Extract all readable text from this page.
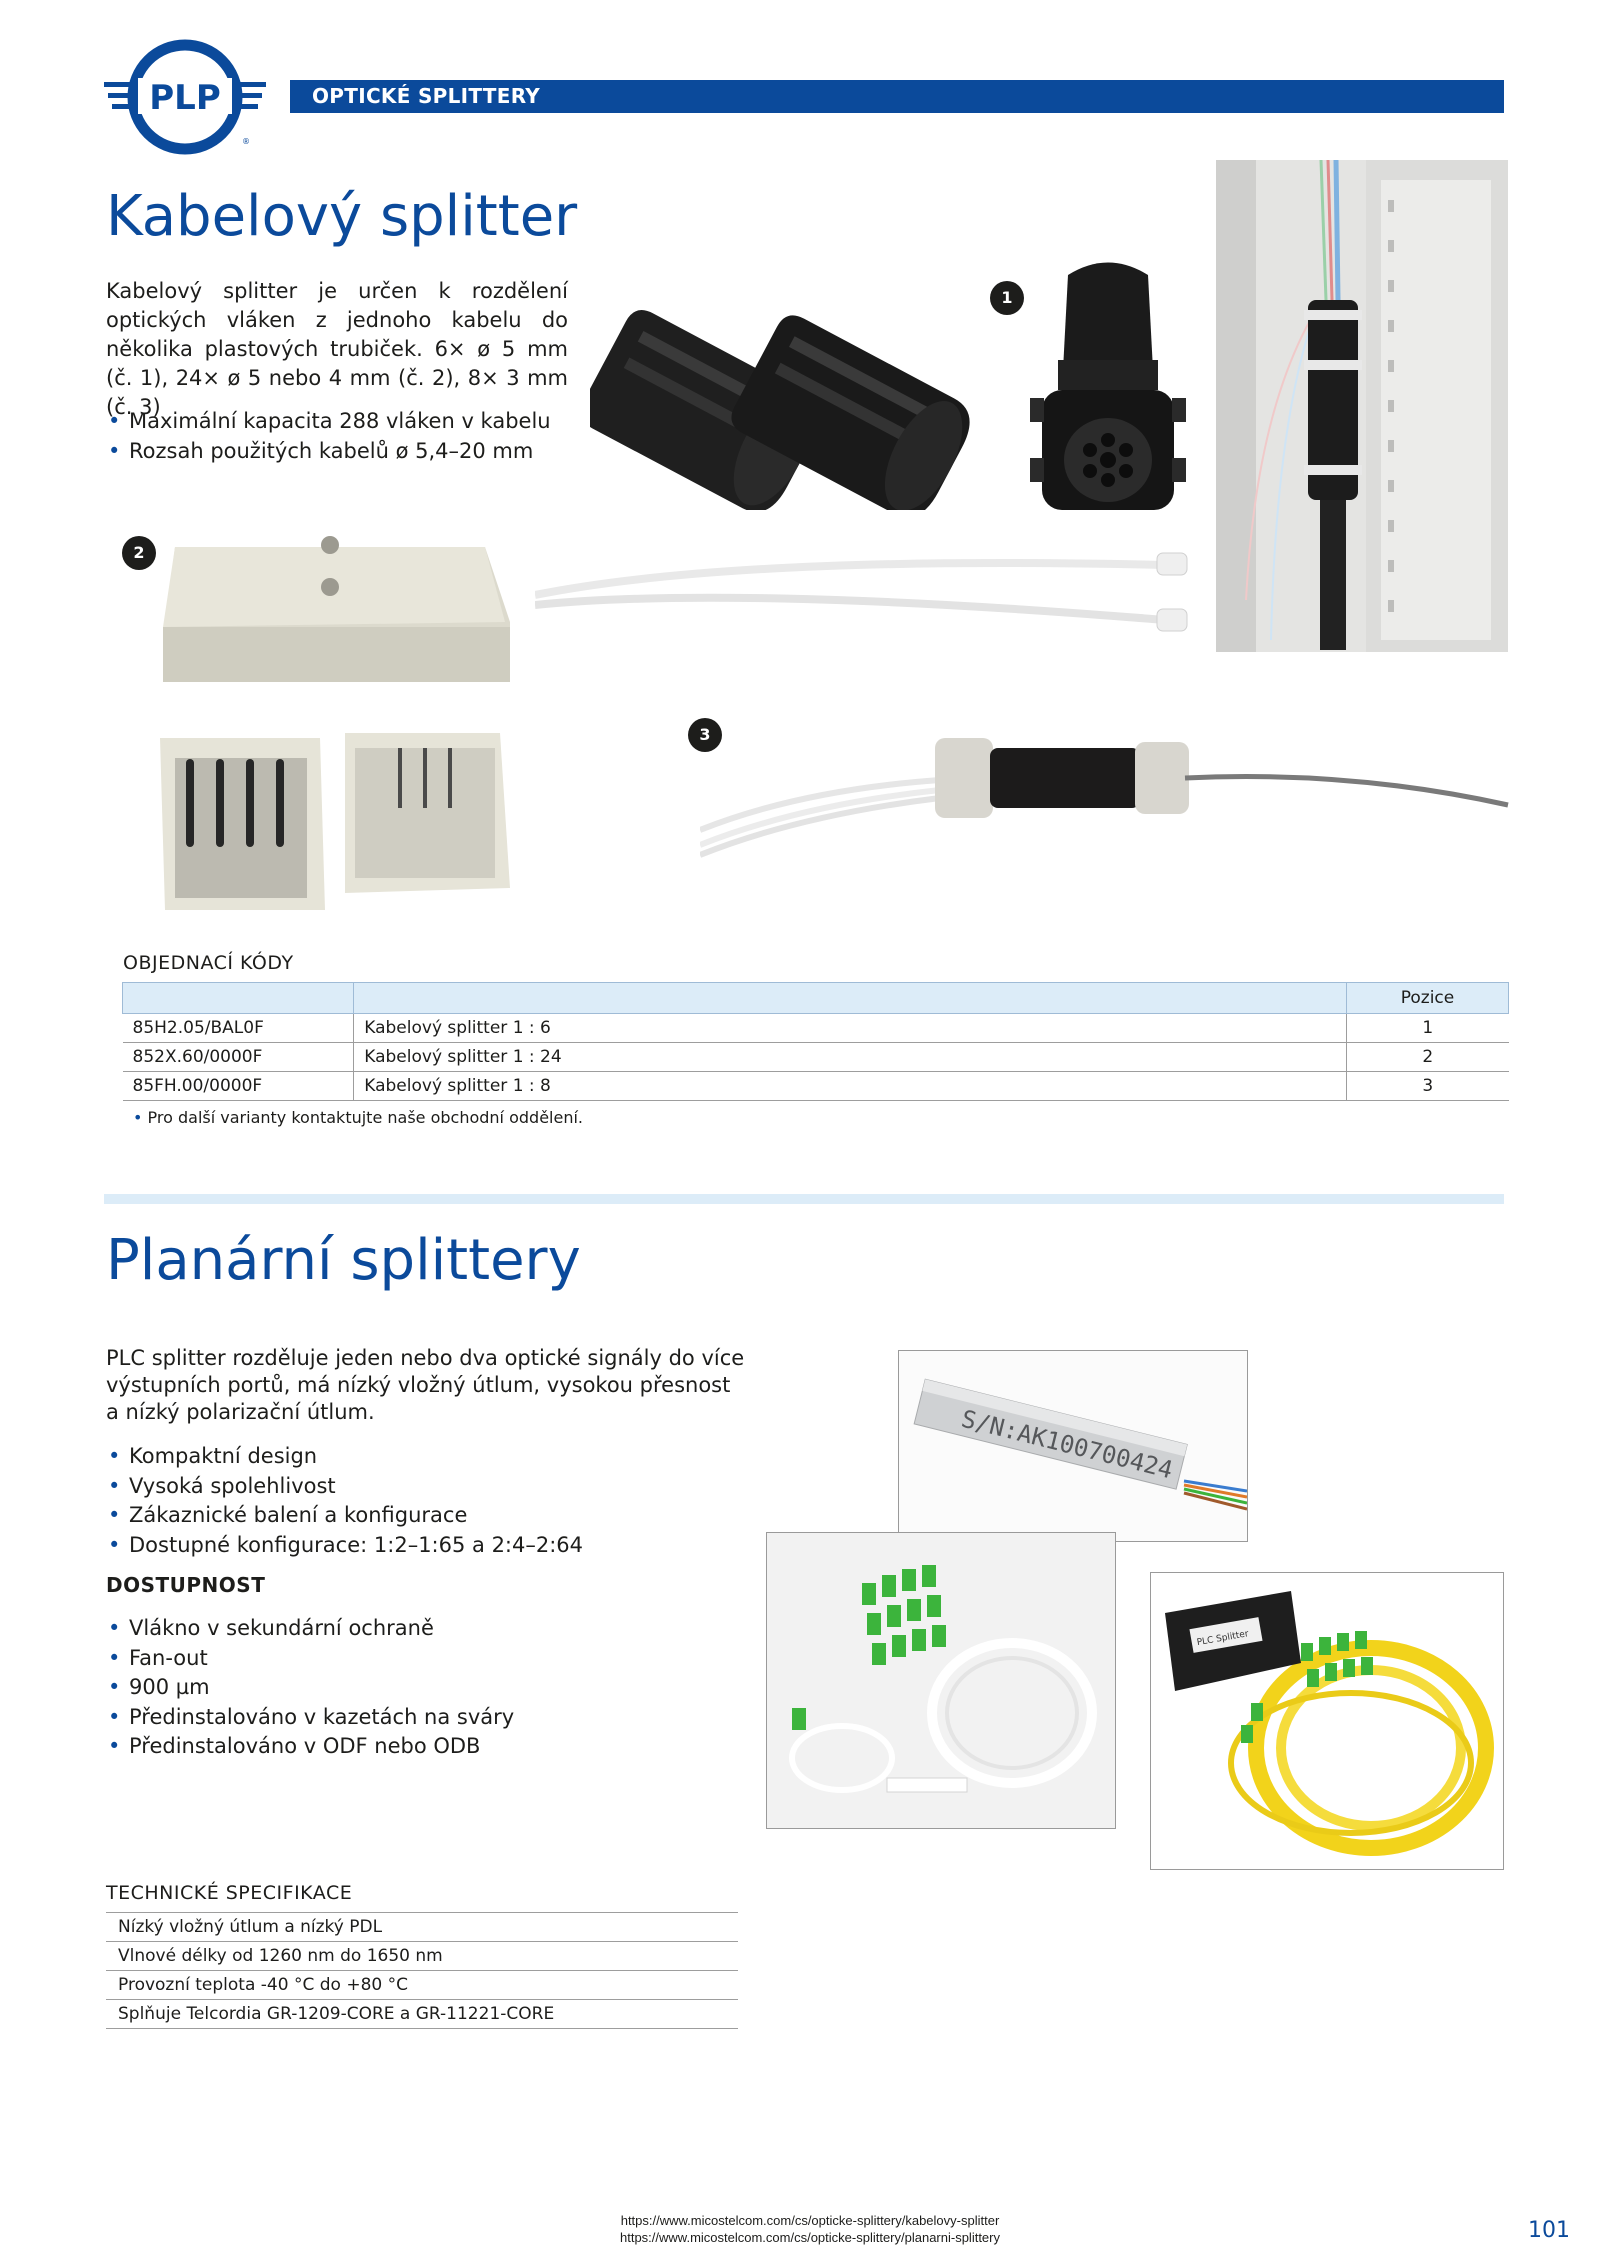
PLP
®
OPTICKÉ SPLITTERY
Kabelový splitter

Kabelový splitter je určen k rozdělení optických vláken z jednoho kabelu do několika plastových trubiček. 6× ø 5 mm (č. 1), 24× ø 5 nebo 4 mm (č. 2), 8× 3 mm (č. 3)

• Maximální kapacita 288 vláken v kabelu
• Rozsah použitých kabelů ø 5,4–20 mm
1
2
3
OBJEDNACÍ KÓDY
		Pozice
85H2.05/BAL0F	Kabelový splitter 1 : 6	1
852X.60/0000F	Kabelový splitter 1 : 24	2
85FH.00/0000F	Kabelový splitter 1 : 8	3
• Pro další varianty kontaktujte naše obchodní oddělení.
Planární splittery

PLC splitter rozděluje jeden nebo dva optické signály do více výstupních portů, má nízký vložný útlum, vysokou přesnost a nízký polarizační útlum.

• Kompaktní design
• Vysoká spolehlivost
• Zákaznické balení a konfigurace
• Dostupné konfigurace: 1:2–1:65 a 2:4–2:64
DOSTUPNOST
• Vlákno v sekundární ochraně
• Fan-out
• 900 µm
• Předinstalováno v kazetách na sváry
• Předinstalováno v ODF nebo ODB
S/N:AK100700424
PLC Splitter
TECHNICKÉ SPECIFIKACE
Nízký vložný útlum a nízký PDL
Vlnové délky od 1260 nm do 1650 nm
Provozní teplota -40 °C do +80 °C
Splňuje Telcordia GR-1209-CORE a GR-11221-CORE
https://www.micostelcom.com/cs/opticke-splittery/kabelovy-splitter
https://www.micostelcom.com/cs/opticke-splittery/planarni-splittery	101
